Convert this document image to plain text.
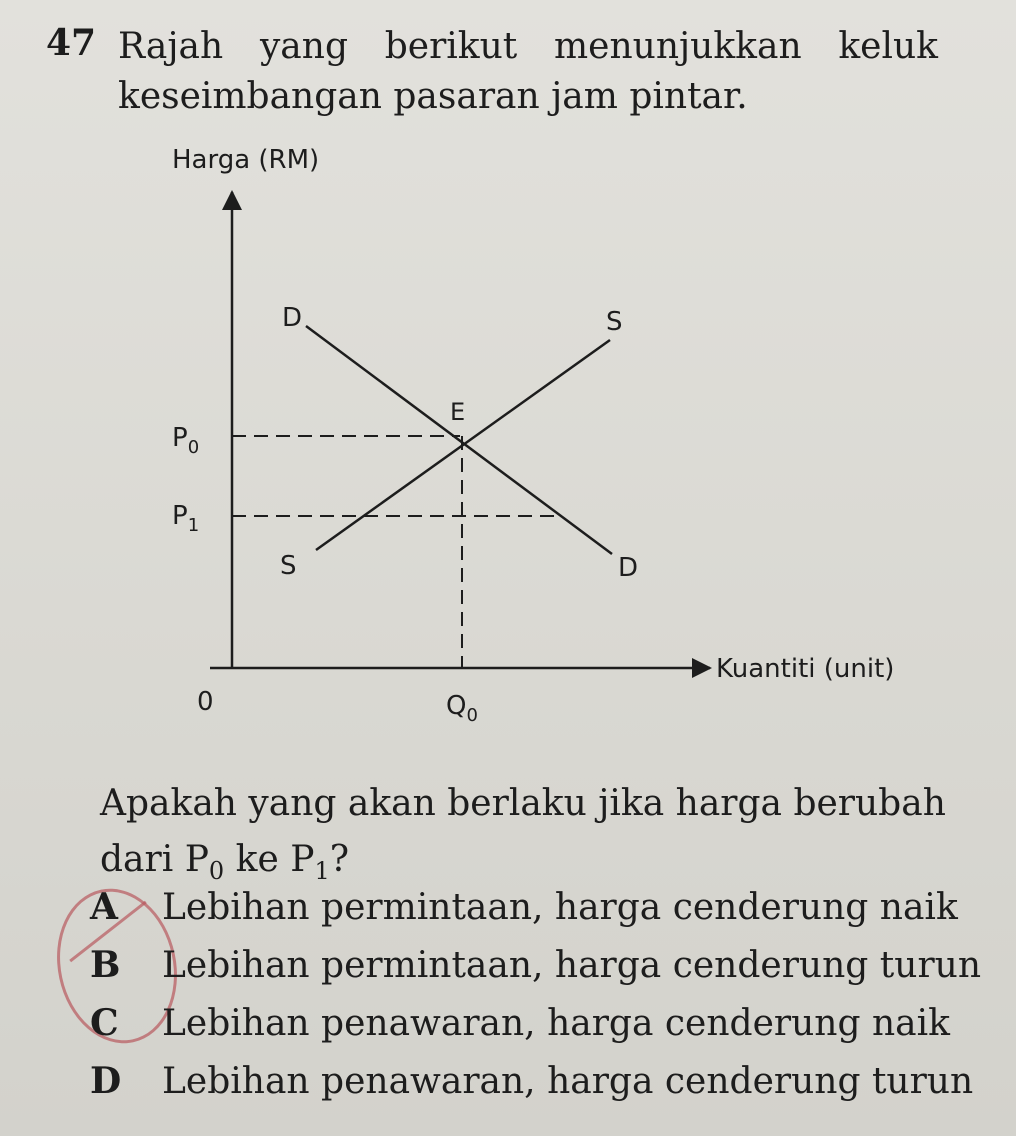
47 Rajah yang berikut menunjukkan keluk
keseimbangan pasaran jam pintar.
Harga (RM)
Kuantiti (unit)
0
D
D
S
S
E
$P_0$
$P_1$
$Q_0$
Apakah yang akan berlaku jika harga berubah
dari $P_0$ ke $P_1$?
A	Lebihan permintaan, harga cenderung naik
B	Lebihan permintaan, harga cenderung turun
C	Lebihan penawaran, harga cenderung naik
D	Lebihan penawaran, harga cenderung turun
